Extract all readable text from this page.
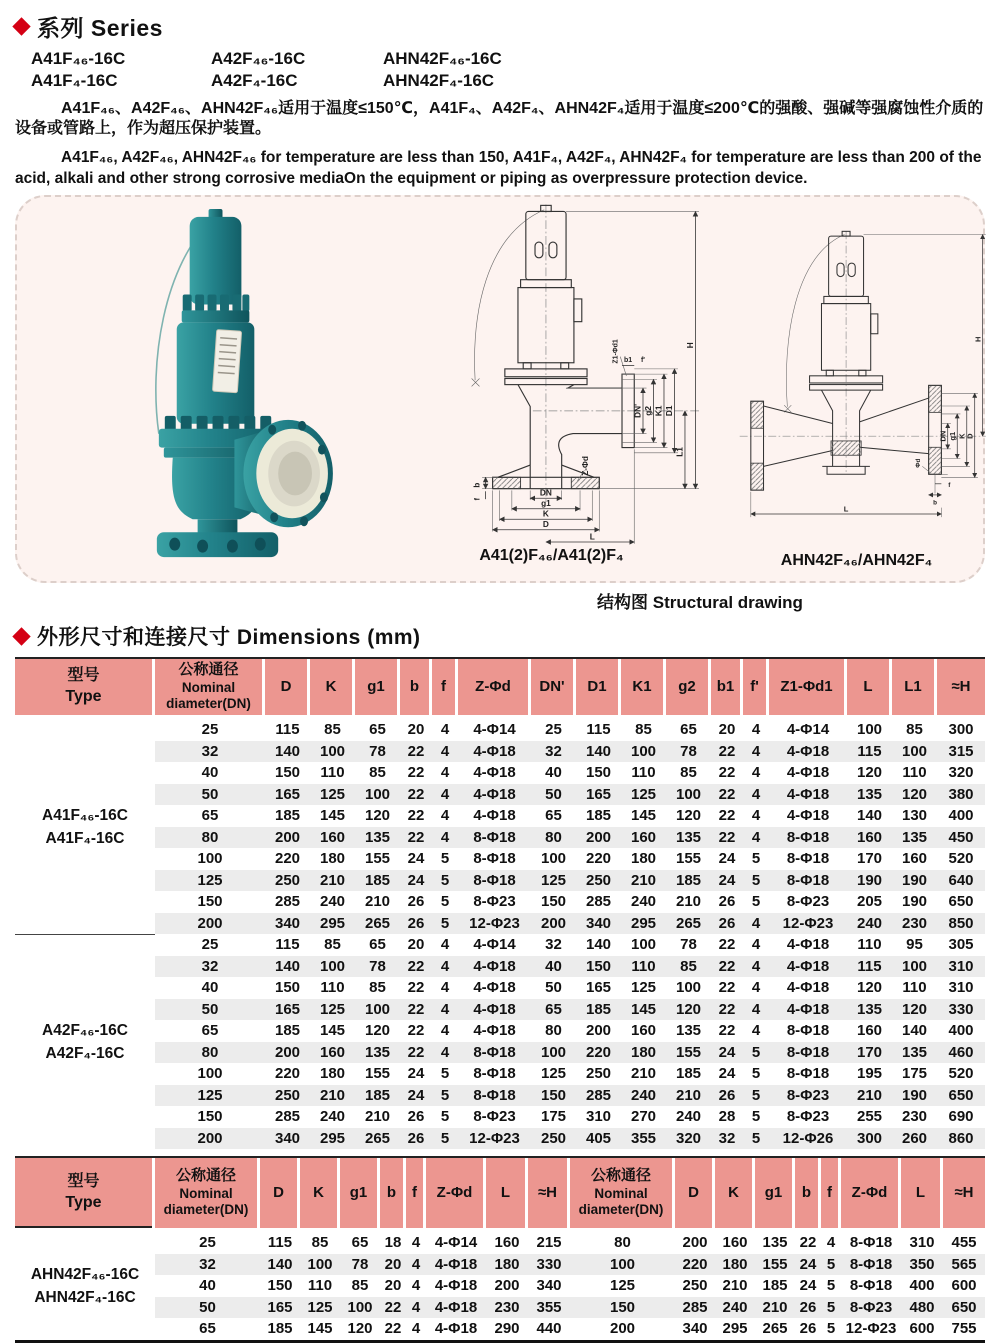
系列 Series
A41F₄₆-16C	A42F₄₆-16C	AHN42F₄₆-16C
A41F₄-16C	A42F₄-16C	AHN42F₄-16C
A41F₄₆、A42F₄₆、AHN42F₄₆适用于温度≤150℃，A41F₄、A42F₄、AHN42F₄适用于温度≤200℃的强酸、强碱等强腐蚀性介质的设备或管路上，作为超压保护装置。
A41F₄₆, A42F₄₆, AHN42F₄₆ for temperature are less than 150, A41F₄, A42F₄, AHN42F₄ for temperature are less than 200 of the acid, alkali and other strong corrosive mediaOn the equipment or piping as overpressure protection device.
DN
g1
K
D
L
b
f
Z-Φd
DN' g2 K1 D1
L1
H
Z1-Φd1 b1 f'
A41(2)F₄₆/A41(2)F₄
DN g1 K
D
H
Φd
f
b
L
AHN42F₄₆/AHN42F₄
结构图 Structural drawing
外形尺寸和连接尺寸 Dimensions (mm)
型号
Type

公称通径
Nominal
diameter(DN)

D	K	g1	b	f	Z-Φd	DN'	D1	K1	g2	b1	f'	Z1-Φd1	L	L1	≈H

A41F₄₆-16C
A41F₄-16C	25	115	85	65	20	4	4-Φ14	25	115	85	65	20	4	4-Φ14	100	85	300
	32	140	100	78	22	4	4-Φ18	32	140	100	78	22	4	4-Φ18	115	100	315
	40	150	110	85	22	4	4-Φ18	40	150	110	85	22	4	4-Φ18	120	110	320
	50	165	125	100	22	4	4-Φ18	50	165	125	100	22	4	4-Φ18	135	120	380
	65	185	145	120	22	4	4-Φ18	65	185	145	120	22	4	4-Φ18	140	130	400
	80	200	160	135	22	4	8-Φ18	80	200	160	135	22	4	8-Φ18	160	135	450
	100	220	180	155	24	5	8-Φ18	100	220	180	155	24	5	8-Φ18	170	160	520
	125	250	210	185	24	5	8-Φ18	125	250	210	185	24	5	8-Φ18	190	190	640
	150	285	240	210	26	5	8-Φ23	150	285	240	210	26	5	8-Φ23	205	190	650
	200	340	295	265	26	5	12-Φ23	200	340	295	265	26	4	12-Φ23	240	230	850

A42F₄₆-16C
A42F₄-16C	25	115	85	65	20	4	4-Φ14	32	140	100	78	22	4	4-Φ18	110	95	305
	32	140	100	78	22	4	4-Φ18	40	150	110	85	22	4	4-Φ18	115	100	310
	40	150	110	85	22	4	4-Φ18	50	165	125	100	22	4	4-Φ18	120	110	310
	50	165	125	100	22	4	4-Φ18	65	185	145	120	22	4	4-Φ18	135	120	330
	65	185	145	120	22	4	4-Φ18	80	200	160	135	22	4	8-Φ18	160	140	400
	80	200	160	135	22	4	8-Φ18	100	220	180	155	24	5	8-Φ18	170	135	460
	100	220	180	155	24	5	8-Φ18	125	250	210	185	24	5	8-Φ18	195	175	520
	125	250	210	185	24	5	8-Φ18	150	285	240	210	26	5	8-Φ23	210	190	650
	150	285	240	210	26	5	8-Φ23	175	310	270	240	28	5	8-Φ23	255	230	690
	200	340	295	265	26	5	12-Φ23	250	405	355	320	32	5	12-Φ26	300	260	860
型号
Type

公称通径
Nominal
diameter(DN)

D	K	g1	b	f	Z-Φd	L	≈H

公称通径
Nominal
diameter(DN)

D	K	g1	b	f	Z-Φd	L	≈H

AHN42F₄₆-16C
AHN42F₄-16C	25	115	85	65	18	4	4-Φ14	160	215	80	200	160	135	22	4	8-Φ18	310	455
	32	140	100	78	20	4	4-Φ18	180	330	100	220	180	155	24	5	8-Φ18	350	565
	40	150	110	85	20	4	4-Φ18	200	340	125	250	210	185	24	5	8-Φ18	400	600
	50	165	125	100	22	4	4-Φ18	230	355	150	285	240	210	26	5	8-Φ23	480	650
	65	185	145	120	22	4	4-Φ18	290	440	200	340	295	265	26	5	12-Φ23	600	755
